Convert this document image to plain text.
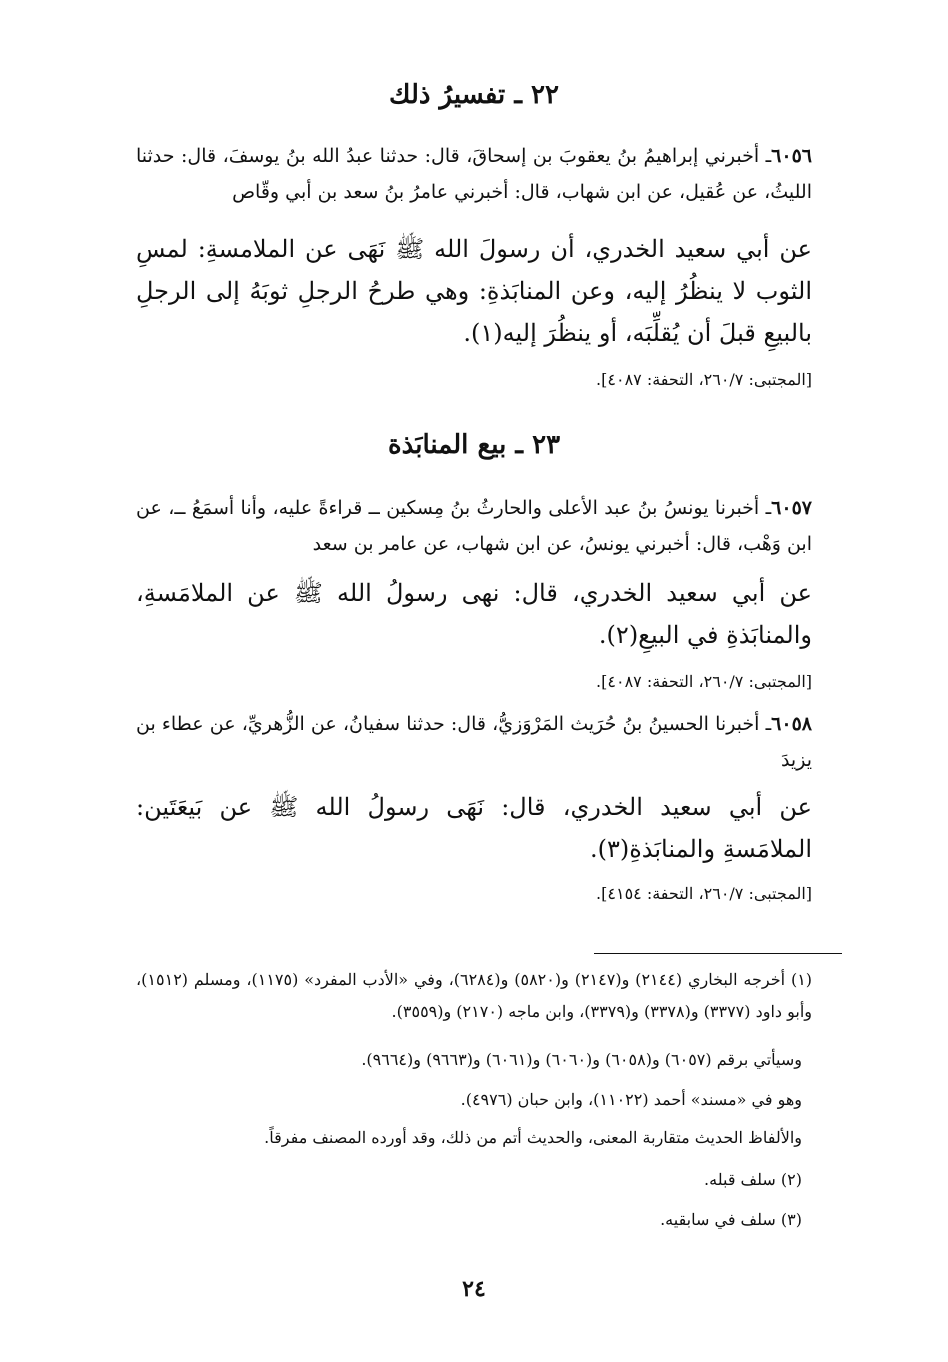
٢٢ ـ تفسيرُ ذلك
٦٠٥٦ـ أخبرني إبراهيمُ بنُ يعقوبَ بن إسحاقَ، قال: حدثنا عبدُ الله بنُ يوسفَ، قال: حدثنا الليثُ، عن عُقيل، عن ابن شهاب، قال: أخبرني عامرُ بنُ سعد بن أبي وقّاص
عن أبي سعيد الخدري، أن رسولَ الله ﷺ نَهَى عن الملامسةِ: لمسِ الثوب لا ينظُرُ إليه، وعن المنابَذةِ: وهي طرحُ الرجلِ ثوبَهُ إلى الرجلِ بالبيعِ قبلَ أن يُقلِّبَه، أو ينظُرَ إليه(١).
[المجتبى: ٢٦٠/٧، التحفة: ٤٠٨٧].
٢٣ ـ بيع المنابَذة
٦٠٥٧ـ أخبرنا يونسُ بنُ عبد الأعلى والحارثُ بنُ مِسكين ــ قراءةً عليه، وأنا أسمَعُ ــ، عن ابن وَهْب، قال: أخبرني يونسُ، عن ابن شهاب، عن عامر بن سعد
عن أبي سعيد الخدري، قال: نهى رسولُ الله ﷺ عن الملامَسةِ، والمنابَذةِ في البيعِ(٢).
[المجتبى: ٢٦٠/٧، التحفة: ٤٠٨٧].
٦٠٥٨ـ أخبرنا الحسينُ بنُ حُرَيث المَرْوَزيُّ، قال: حدثنا سفيانُ، عن الزُّهريِّ، عن عطاء بن يزيدَ
عن أبي سعيد الخدري، قال: نَهَى رسولُ الله ﷺ عن بَيعَتَين: الملامَسةِ والمنابَذةِ(٣).
[المجتبى: ٢٦٠/٧، التحفة: ٤١٥٤].
(١) أخرجه البخاري (٢١٤٤) و(٢١٤٧) و(٥٨٢٠) و(٦٢٨٤)، وفي «الأدب المفرد» (١١٧٥)، ومسلم (١٥١٢)، وأبو داود (٣٣٧٧) و(٣٣٧٨) و(٣٣٧٩)، وابن ماجه (٢١٧٠) و(٣٥٥٩).
وسيأتي برقم (٦٠٥٧) و(٦٠٥٨) و(٦٠٦٠) و(٦٠٦١) و(٩٦٦٣) و(٩٦٦٤).
وهو في «مسند» أحمد (١١٠٢٢)، وابن حبان (٤٩٧٦).
والألفاظ الحديث متقاربة المعنى، والحديث أتم من ذلك، وقد أورده المصنف مفرقاً.
(٢) سلف قبله.
(٣) سلف في سابقيه.
٢٤
